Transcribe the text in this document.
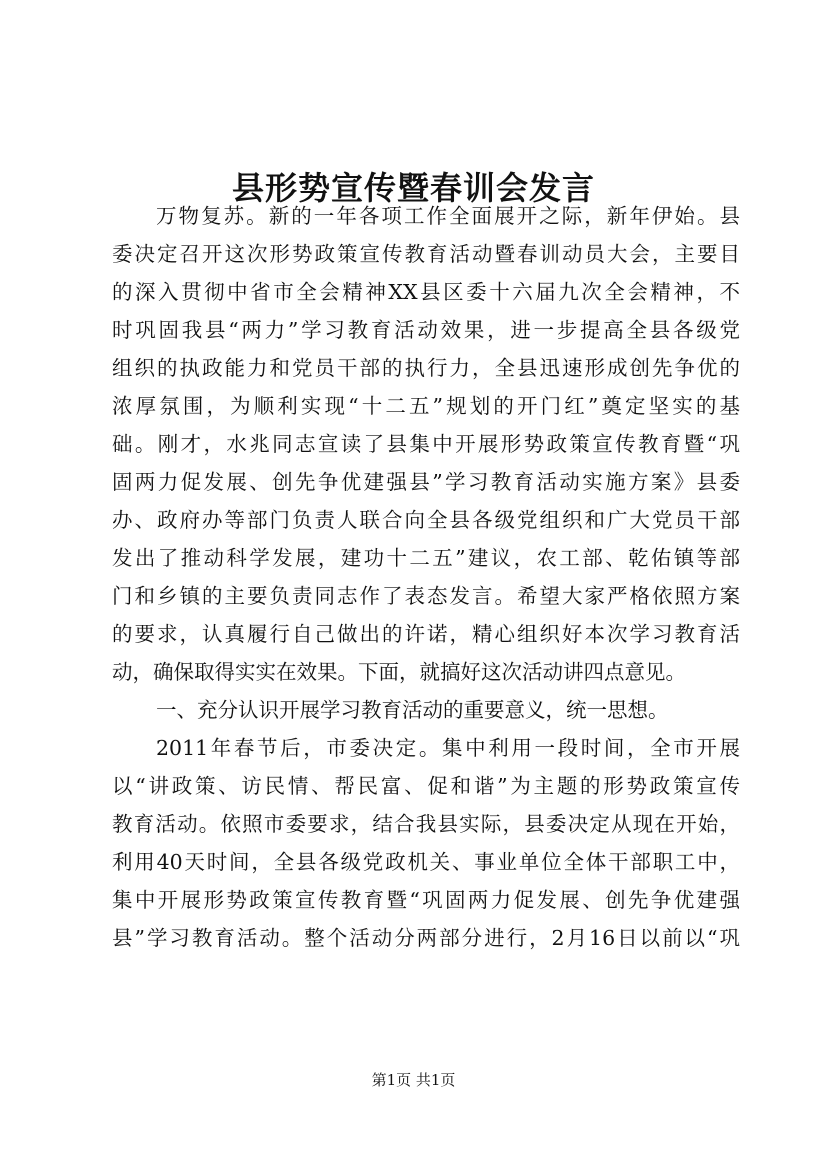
县形势宣传暨春训会发言
万物复苏。新的一年各项工作全面展开之际，新年伊始。县
委决定召开这次形势政策宣传教育活动暨春训动员大会，主要目
的深入贯彻中省市全会精神XX县区委十六届九次全会精神，不
时巩固我县“两力”学习教育活动效果，进一步提高全县各级党
组织的执政能力和党员干部的执行力，全县迅速形成创先争优的
浓厚氛围，为顺利实现“十二五”规划的开门红”奠定坚实的基
础。刚才，水兆同志宣读了县集中开展形势政策宣传教育暨“巩
固两力促发展、创先争优建强县”学习教育活动实施方案》县委
办、政府办等部门负责人联合向全县各级党组织和广大党员干部
发出了推动科学发展，建功十二五”建议，农工部、乾佑镇等部
门和乡镇的主要负责同志作了表态发言。希望大家严格依照方案
的要求，认真履行自己做出的许诺，精心组织好本次学习教育活
动，确保取得实实在效果。下面，就搞好这次活动讲四点意见。
一、充分认识开展学习教育活动的重要意义，统一思想。
2011年春节后，市委决定。集中利用一段时间，全市开展
以“讲政策、访民情、帮民富、促和谐”为主题的形势政策宣传
教育活动。依照市委要求，结合我县实际，县委决定从现在开始，
利用40天时间，全县各级党政机关、事业单位全体干部职工中，
集中开展形势政策宣传教育暨“巩固两力促发展、创先争优建强
县”学习教育活动。整个活动分两部分进行，2月16日以前以“巩
第1页 共1页
